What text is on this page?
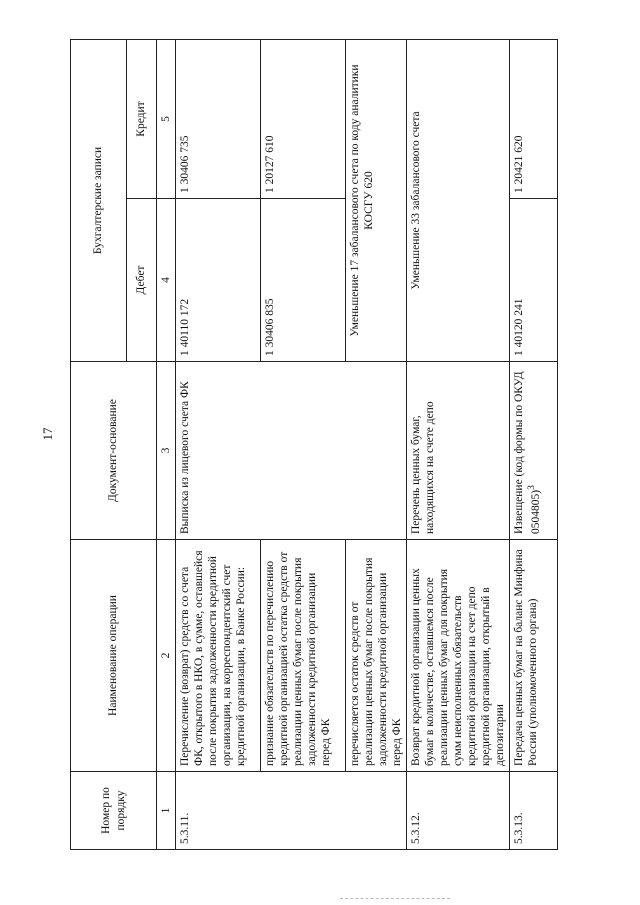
17
Номер по порядку	Наименование операции	Документ-основание	Бухгалтерские записи	
			Дебет	Кредит
1	2	3	4	5
5.3.11.	Перечисление (возврат) средств со счета ФК, открытого в НКО, в сумме, оставшейся после покрытия задолженности кредитной организации, на корреспондентский счет кредитной организации, в Банке России:	Выписка из лицевого счета ФК	1 40110 172	1 30406 735
	признание обязательств по перечислению кредитной организацией остатка средств от реализации ценных бумаг после покрытия задолженности кредитной организации перед ФК		1 30406 835	1 20127 610
	перечисляется остаток средств от реализации ценных бумаг после покрытия задолженности кредитной организации перед ФК		Уменьшение 17 забалансового счета по коду аналитики КОСГУ 620	
5.3.12.	Возврат кредитной организации ценных бумаг в количестве, оставшемся после реализации ценных бумаг для покрытия сумм неисполненных обязательств кредитной организации на счет депо кредитной организации, открытый в депозитарии	Перечень ценных бумаг, находящихся на счете депо	Уменьшение 33 забалансового счета	
5.3.13.	Передача ценных бумаг на баланс Минфина России (уполномоченного органа)	Извещение (код формы по ОКУД 0504805)$^3$	1 40120 241	1 20421 620
